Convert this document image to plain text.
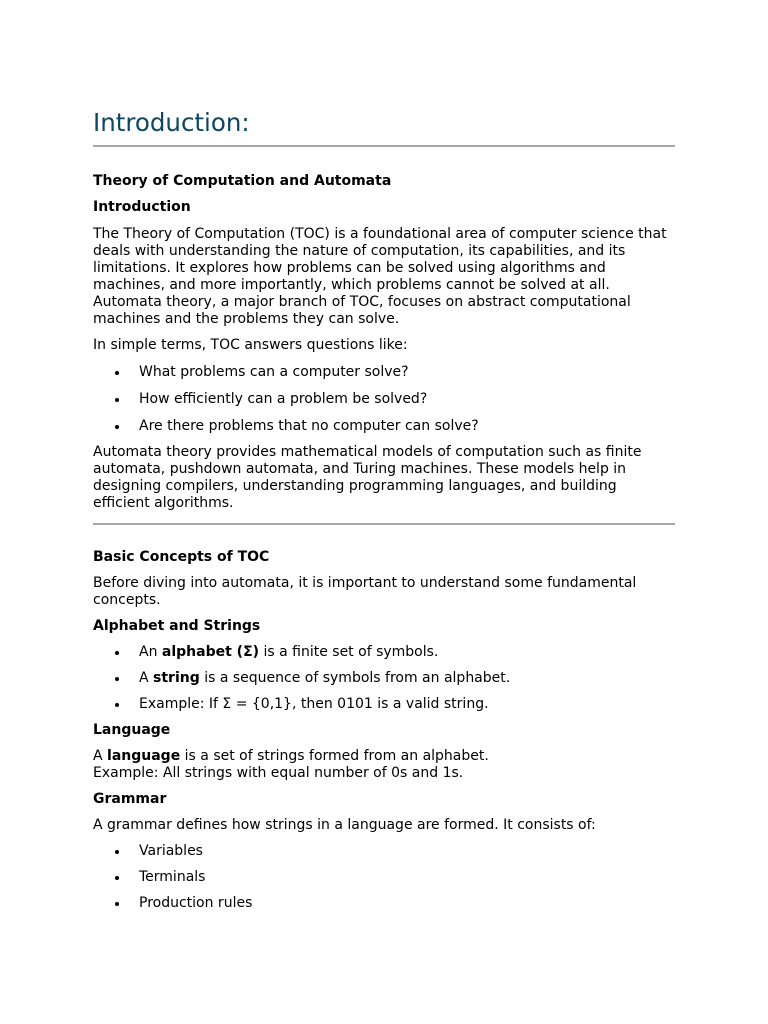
Introduction:
Theory of Computation and Automata
Introduction

The Theory of Computation (TOC) is a foundational area of computer science that deals with understanding the nature of computation, its capabilities, and its limitations. It explores how problems can be solved using algorithms and machines, and more importantly, which problems cannot be solved at all. Automata theory, a major branch of TOC, focuses on abstract computational machines and the problems they can solve.

In simple terms, TOC answers questions like:

What problems can a computer solve?
How efficiently can a problem be solved?
Are there problems that no computer can solve?

Automata theory provides mathematical models of computation such as finite automata, pushdown automata, and Turing machines. These models help in designing compilers, understanding programming languages, and building efficient algorithms.

Basic Concepts of TOC

Before diving into automata, it is important to understand some fundamental concepts.

Alphabet and Strings
An alphabet (Σ) is a finite set of symbols.
A string is a sequence of symbols from an alphabet.
Example: If Σ = {0,1}, then 0101 is a valid string.
Language

A language is a set of strings formed from an alphabet.
Example: All strings with equal number of 0s and 1s.

Grammar

A grammar defines how strings in a language are formed. It consists of:

Variables
Terminals
Production rules
